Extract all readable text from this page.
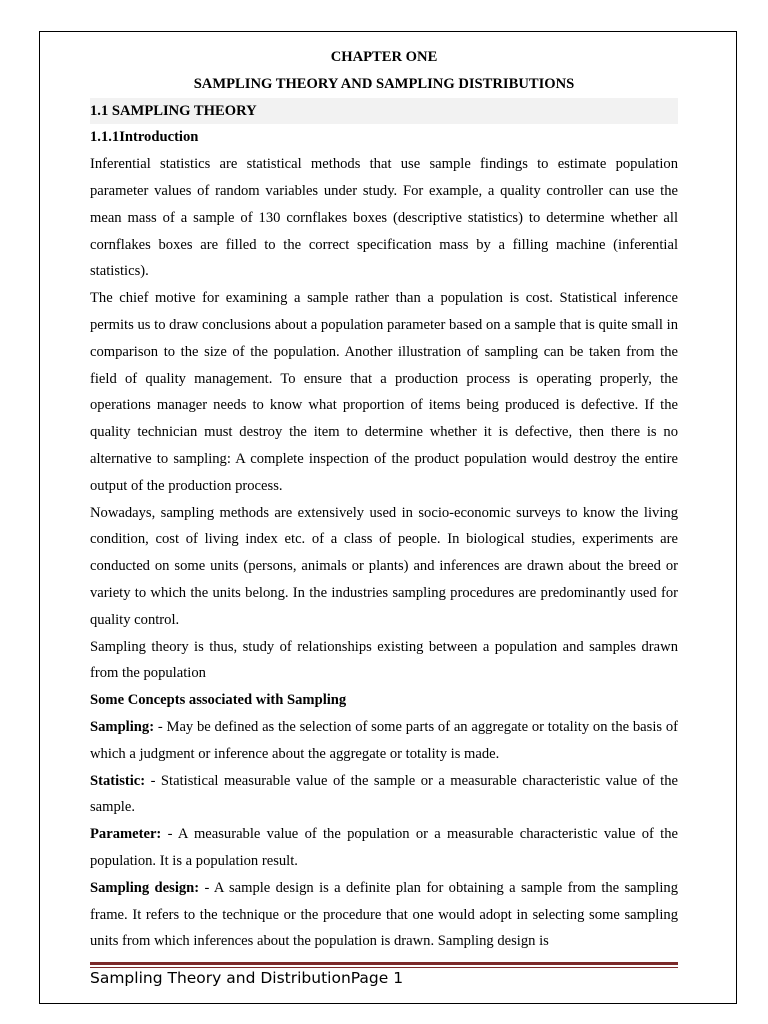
CHAPTER ONE
SAMPLING THEORY AND SAMPLING DISTRIBUTIONS
1.1 SAMPLING THEORY
1.1.1Introduction

Inferential statistics are statistical methods that use sample findings to estimate population parameter values of random variables under study. For example, a quality controller can use the mean mass of a sample of 130 cornflakes boxes (descriptive statistics) to determine whether all cornflakes boxes are filled to the correct specification mass by a filling machine (inferential statistics).

The chief motive for examining a sample rather than a population is cost. Statistical inference permits us to draw conclusions about a population parameter based on a sample that is quite small in comparison to the size of the population. Another illustration of sampling can be taken from the field of quality management. To ensure that a production process is operating properly, the operations manager needs to know what proportion of items being produced is defective. If the quality technician must destroy the item to determine whether it is defective, then there is no alternative to sampling: A complete inspection of the product population would destroy the entire output of the production process.

Nowadays, sampling methods are extensively used in socio-economic surveys to know the living condition, cost of living index etc. of a class of people. In biological studies, experiments are conducted on some units (persons, animals or plants) and inferences are drawn about the breed or variety to which the units belong. In the industries sampling procedures are predominantly used for quality control.

Sampling theory is thus, study of relationships existing between a population and samples drawn from the population

Some Concepts associated with Sampling

Sampling: - May be defined as the selection of some parts of an aggregate or totality on the basis of which a judgment or inference about the aggregate or totality is made.

Statistic: - Statistical measurable value of the sample or a measurable characteristic value of the sample.

Parameter: - A measurable value of the population or a measurable characteristic value of the population. It is a population result.

Sampling design: - A sample design is a definite plan for obtaining a sample from the sampling frame. It refers to the technique or the procedure that one would adopt in selecting some sampling units from which inferences about the population is drawn. Sampling design is

Sampling Theory and DistributionPage 1
